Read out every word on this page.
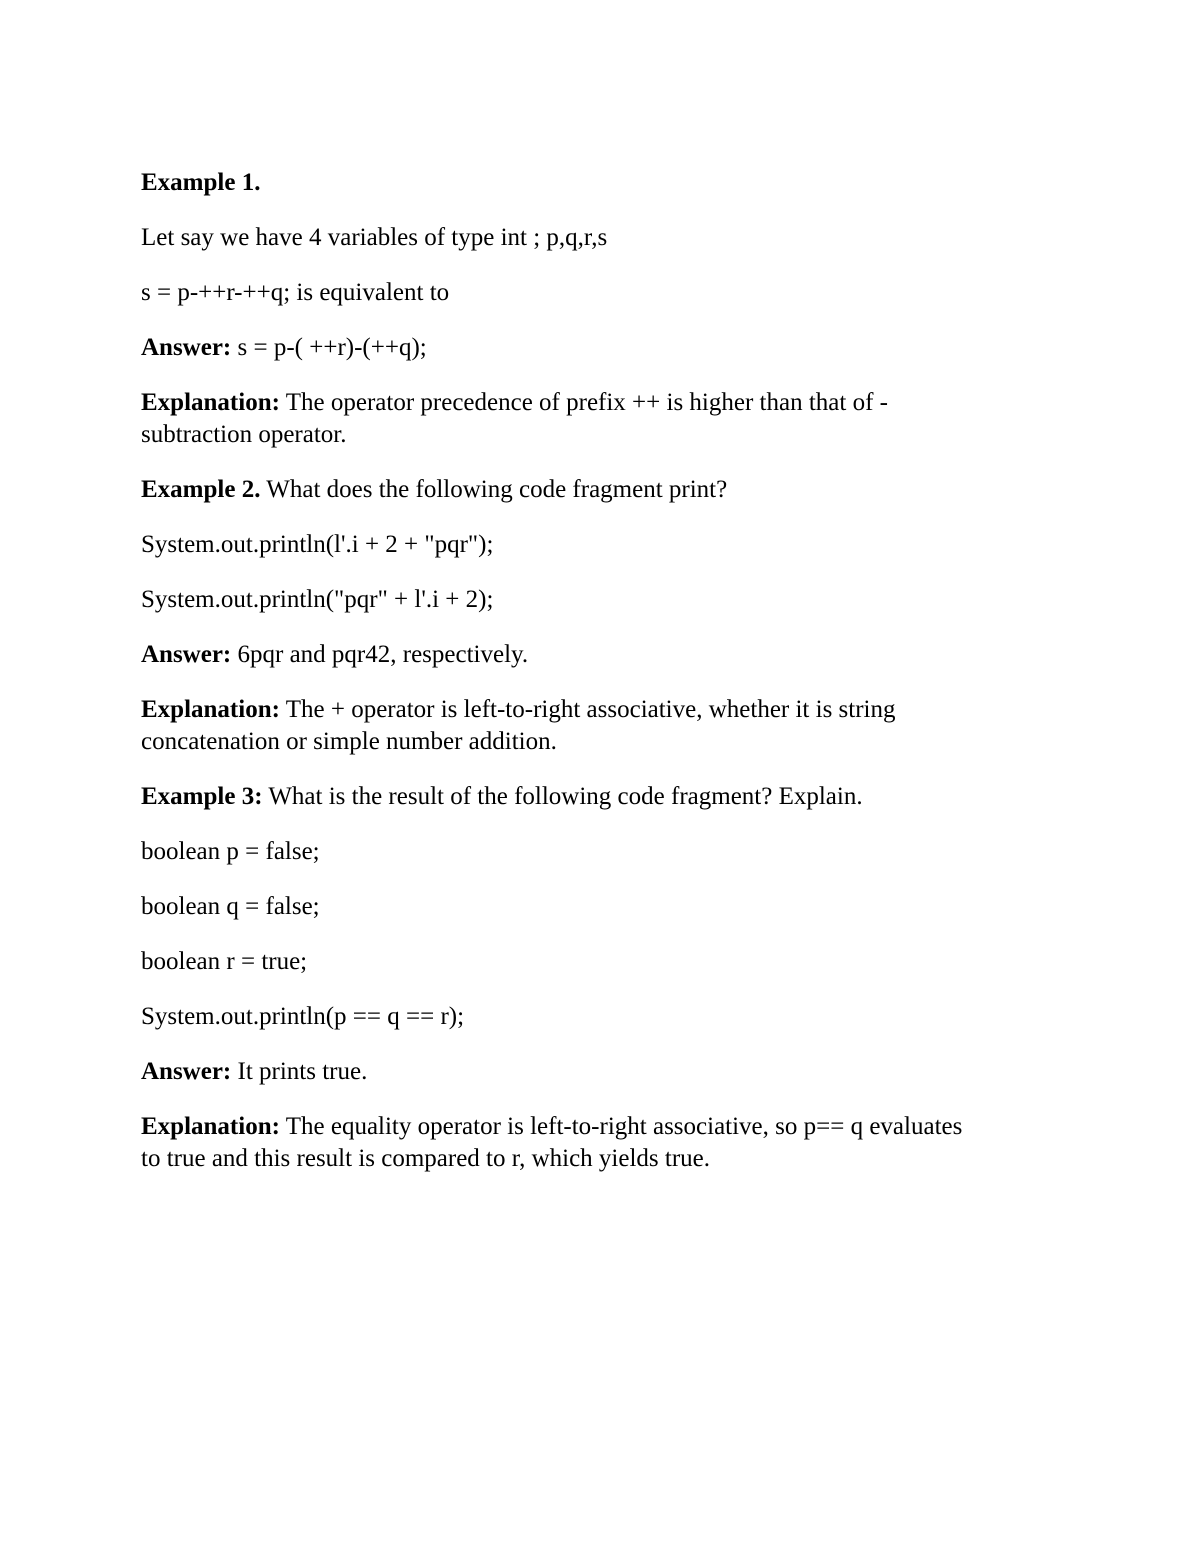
Example 1.
Let say we have 4 variables of type int ; p,q,r,s
s = p-++r-++q; is equivalent to
Answer: s = p-( ++r)-(++q);
Explanation: The operator precedence of prefix ++ is higher than that of -
subtraction operator.
Example 2. What does the following code fragment print?
System.out.println(l'.i + 2 + "pqr");
System.out.println("pqr" + l'.i + 2);
Answer: 6pqr and pqr42, respectively.
Explanation: The + operator is left-to-right associative, whether it is string
concatenation or simple number addition.
Example 3: What is the result of the following code fragment? Explain.
boolean p = false;
boolean q = false;
boolean r = true;
System.out.println(p == q == r);
Answer: It prints true.
Explanation: The equality operator is left-to-right associative, so p== q evaluates
to true and this result is compared to r, which yields true.
